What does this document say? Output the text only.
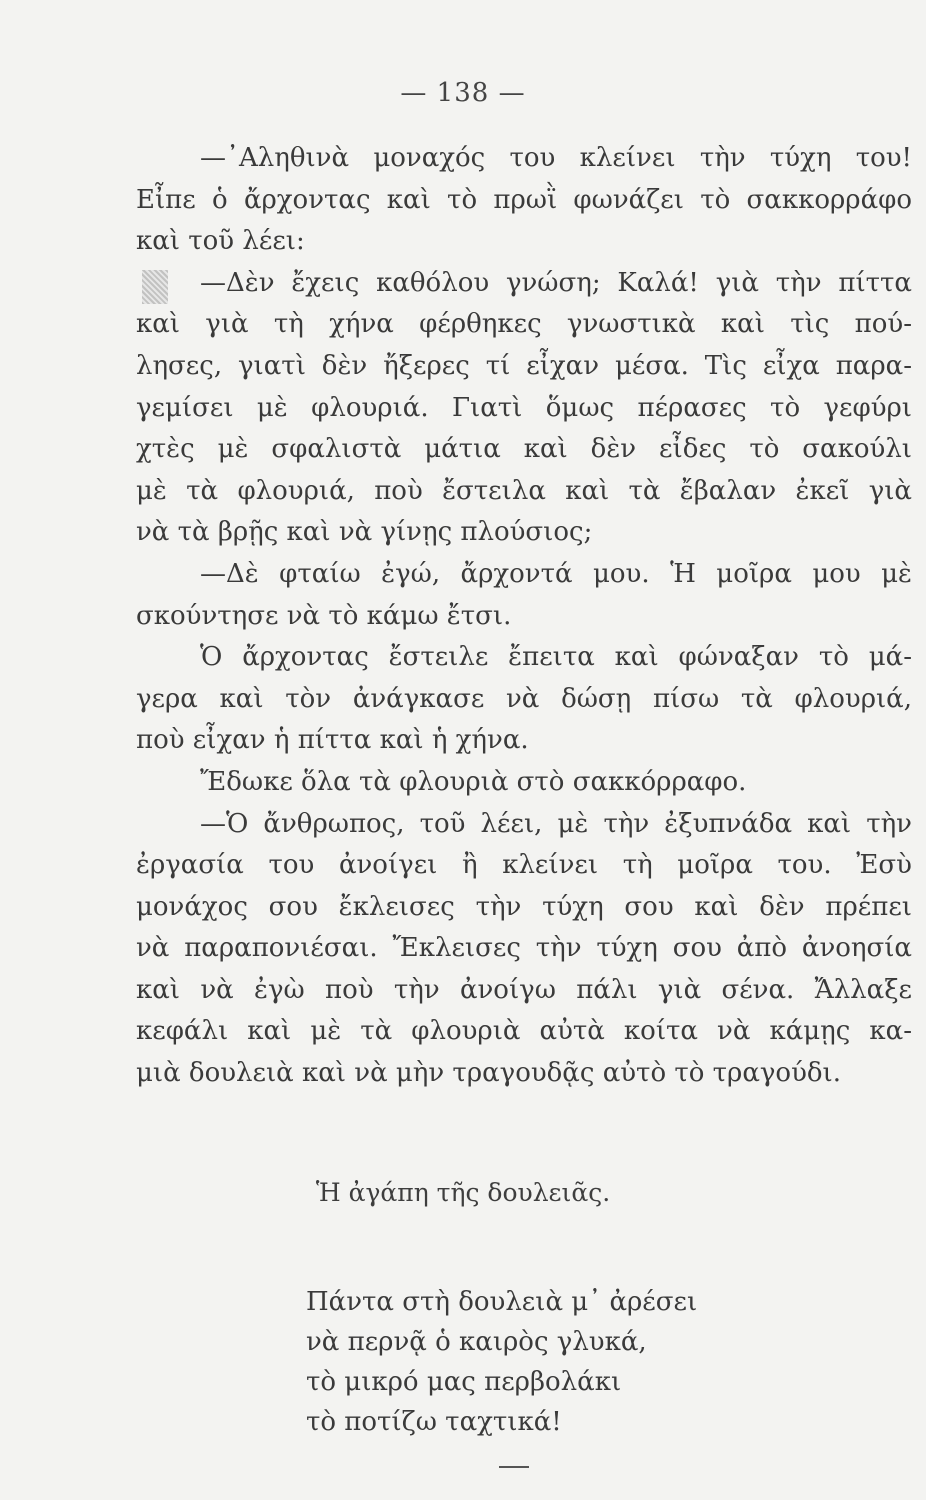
— 138 —
—᾿Αληθινὰ μοναχός του κλείνει τὴν τύχη του!
Εἶπε ὁ ἄρχοντας καὶ τὸ πρωῒ φωνάζει τὸ σακκορράφο
καὶ τοῦ λέει:
—Δὲν ἔχεις καθόλου γνώση; Καλά! γιὰ τὴν πίττα
καὶ γιὰ τὴ χήνα φέρθηκες γνωστικὰ καὶ τὶς πού-
λησες, γιατὶ δὲν ἤξερες τί εἶχαν μέσα. Τὶς εἶχα παρα-
γεμίσει μὲ φλουριά. Γιατὶ ὅμως πέρασες τὸ γεφύρι
χτὲς μὲ σφαλιστὰ μάτια καὶ δὲν εἶδες τὸ σακούλι
μὲ τὰ φλουριά, ποὺ ἔστειλα καὶ τὰ ἔβαλαν ἐκεῖ γιὰ
νὰ τὰ βρῇς καὶ νὰ γίνῃς πλούσιος;
—Δὲ φταίω ἐγώ, ἄρχοντά μου. Ἡ μοῖρα μου μὲ
σκούντησε νὰ τὸ κάμω ἔτσι.
Ὁ ἄρχοντας ἔστειλε ἔπειτα καὶ φώναξαν τὸ μά-
γερα καὶ τὸν ἀνάγκασε νὰ δώσῃ πίσω τὰ φλουριά,
ποὺ εἶχαν ἡ πίττα καὶ ἡ χήνα.
Ἔδωκε ὅλα τὰ φλουριὰ στὸ σακκόρραφο.
—Ὁ ἄνθρωπος, τοῦ λέει, μὲ τὴν ἐξυπνάδα καὶ τὴν
ἐργασία του ἀνοίγει ἢ κλείνει τὴ μοῖρα του. Ἐσὺ
μονάχος σου ἔκλεισες τὴν τύχη σου καὶ δὲν πρέπει
νὰ παραπονιέσαι. Ἔκλεισες τὴν τύχη σου ἀπὸ ἀνοησία
καὶ νὰ ἐγὼ ποὺ τὴν ἀνοίγω πάλι γιὰ σένα. Ἄλλαξε
κεφάλι καὶ μὲ τὰ φλουριὰ αὐτὰ κοίτα νὰ κάμῃς κα-
μιὰ δουλειὰ καὶ νὰ μὴν τραγουδᾷς αὐτὸ τὸ τραγούδι.
Ἡ ἀγάπη τῆς δουλειᾶς.
Πάντα στὴ δουλειὰ μ᾿ ἀρέσει
νὰ περνᾷ ὁ καιρὸς γλυκά,
τὸ μικρό μας περβολάκι
τὸ ποτίζω ταχτικά!
